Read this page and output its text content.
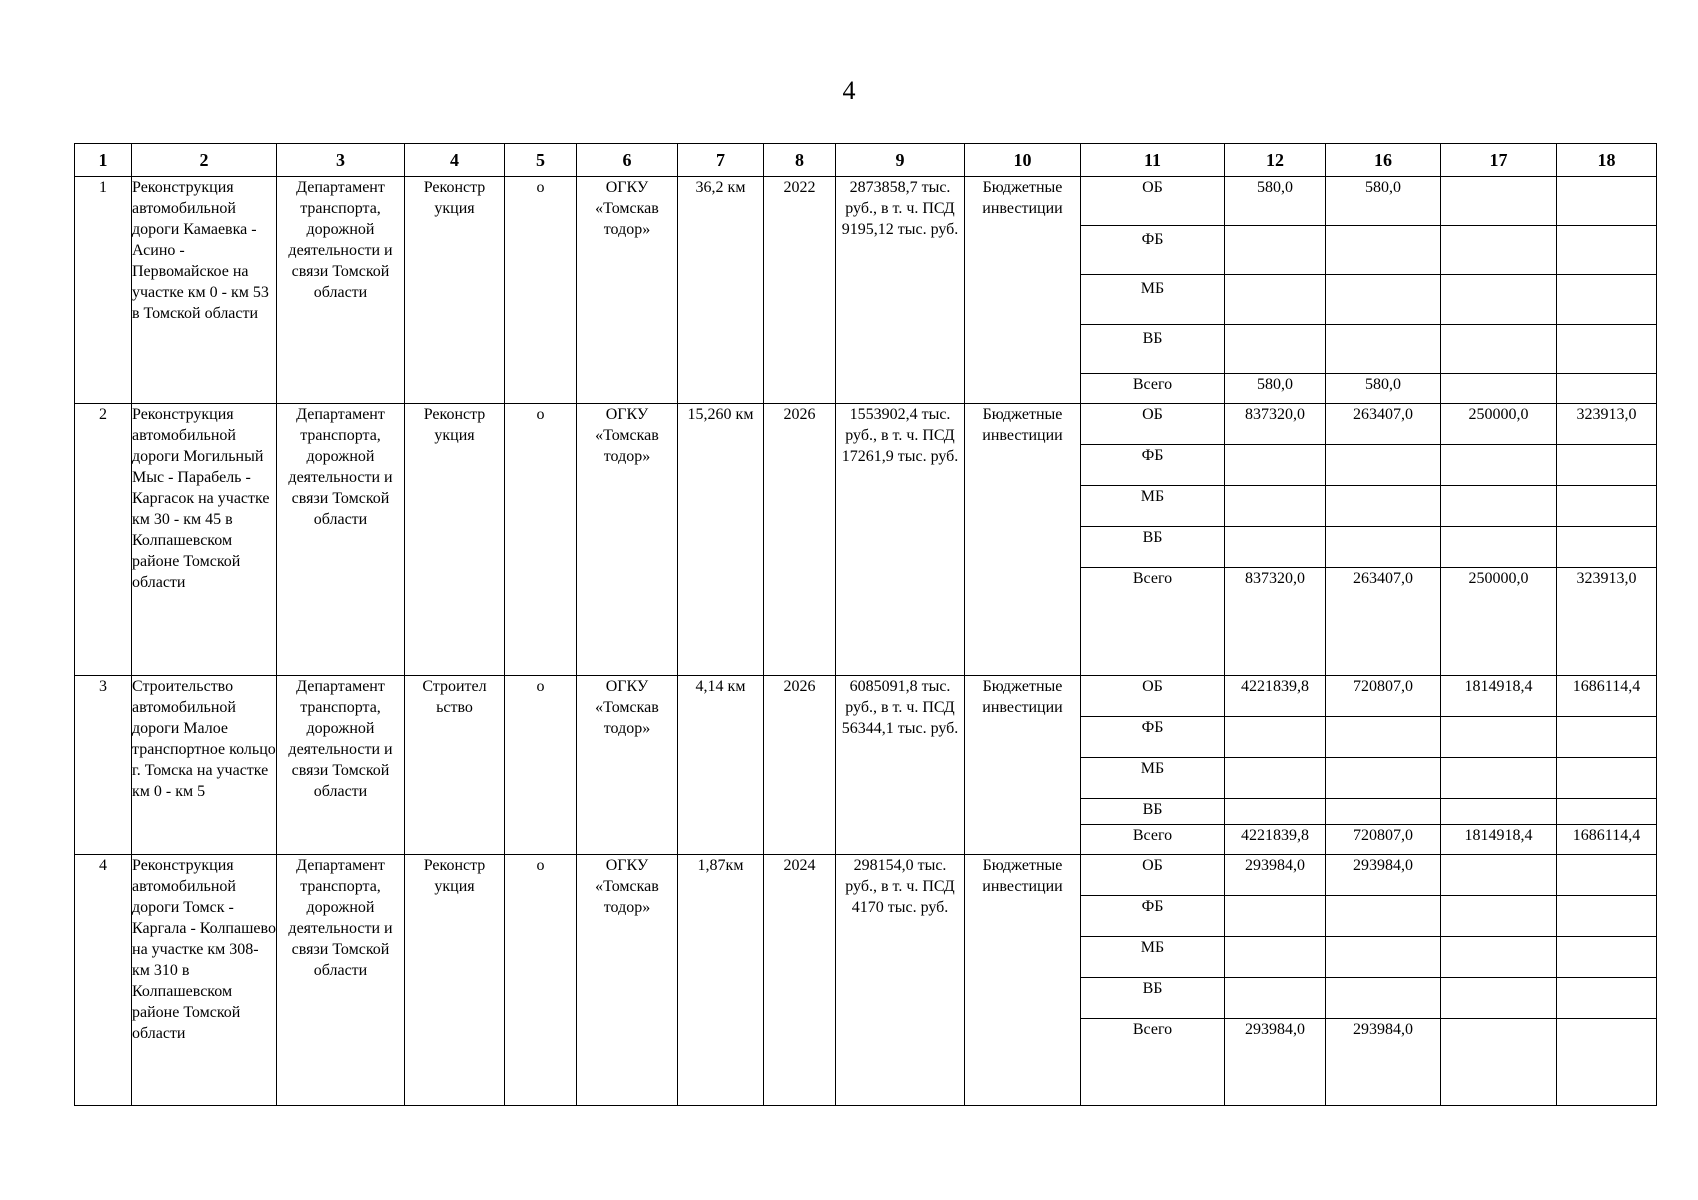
4
1	2	3	4	5	6	7	8	9	10	11	12	16	17	18
1	Реконструкция автомобильной дороги Камаевка - Асино - Первомайское на участке км 0 - км 53 в Томской области	Департамент транспорта, дорожной деятельности и связи Томской области	Реконстр укция	о	ОГКУ «Томскав тодор»	36,2 км	2022	2873858,7 тыс. руб., в т. ч. ПСД 9195,12 тыс. руб.	Бюджетные инвестиции	ОБ	580,0	580,0		
										ФБ				
										МБ				
										ВБ				
										Всего	580,0	580,0		
2	Реконструкция автомобильной дороги Могильный Мыс - Парабель - Каргасок на участке км 30 - км 45 в Колпашевском районе Томской области	Департамент транспорта, дорожной деятельности и связи Томской области	Реконстр укция	о	ОГКУ «Томскав тодор»	15,260 км	2026	1553902,4 тыс. руб., в т. ч. ПСД 17261,9 тыс. руб.	Бюджетные инвестиции	ОБ	837320,0	263407,0	250000,0	323913,0
										ФБ				
										МБ				
										ВБ				
										Всего	837320,0	263407,0	250000,0	323913,0
3	Строительство автомобильной дороги Малое транспортное кольцо г. Томска на участке км 0 - км 5	Департамент транспорта, дорожной деятельности и связи Томской области	Строител ьство	о	ОГКУ «Томскав тодор»	4,14 км	2026	6085091,8 тыс. руб., в т. ч. ПСД 56344,1 тыс. руб.	Бюджетные инвестиции	ОБ	4221839,8	720807,0	1814918,4	1686114,4
										ФБ				
										МБ				
										ВБ				
										Всего	4221839,8	720807,0	1814918,4	1686114,4
4	Реконструкция автомобильной дороги Томск - Каргала - Колпашево на участке км 308-км 310 в Колпашевском районе Томской области	Департамент транспорта, дорожной деятельности и связи Томской области	Реконстр укция	о	ОГКУ «Томскав тодор»	1,87км	2024	298154,0 тыс. руб., в т. ч. ПСД 4170 тыс. руб.	Бюджетные инвестиции	ОБ	293984,0	293984,0		
										ФБ				
										МБ				
										ВБ				
										Всего	293984,0	293984,0		
